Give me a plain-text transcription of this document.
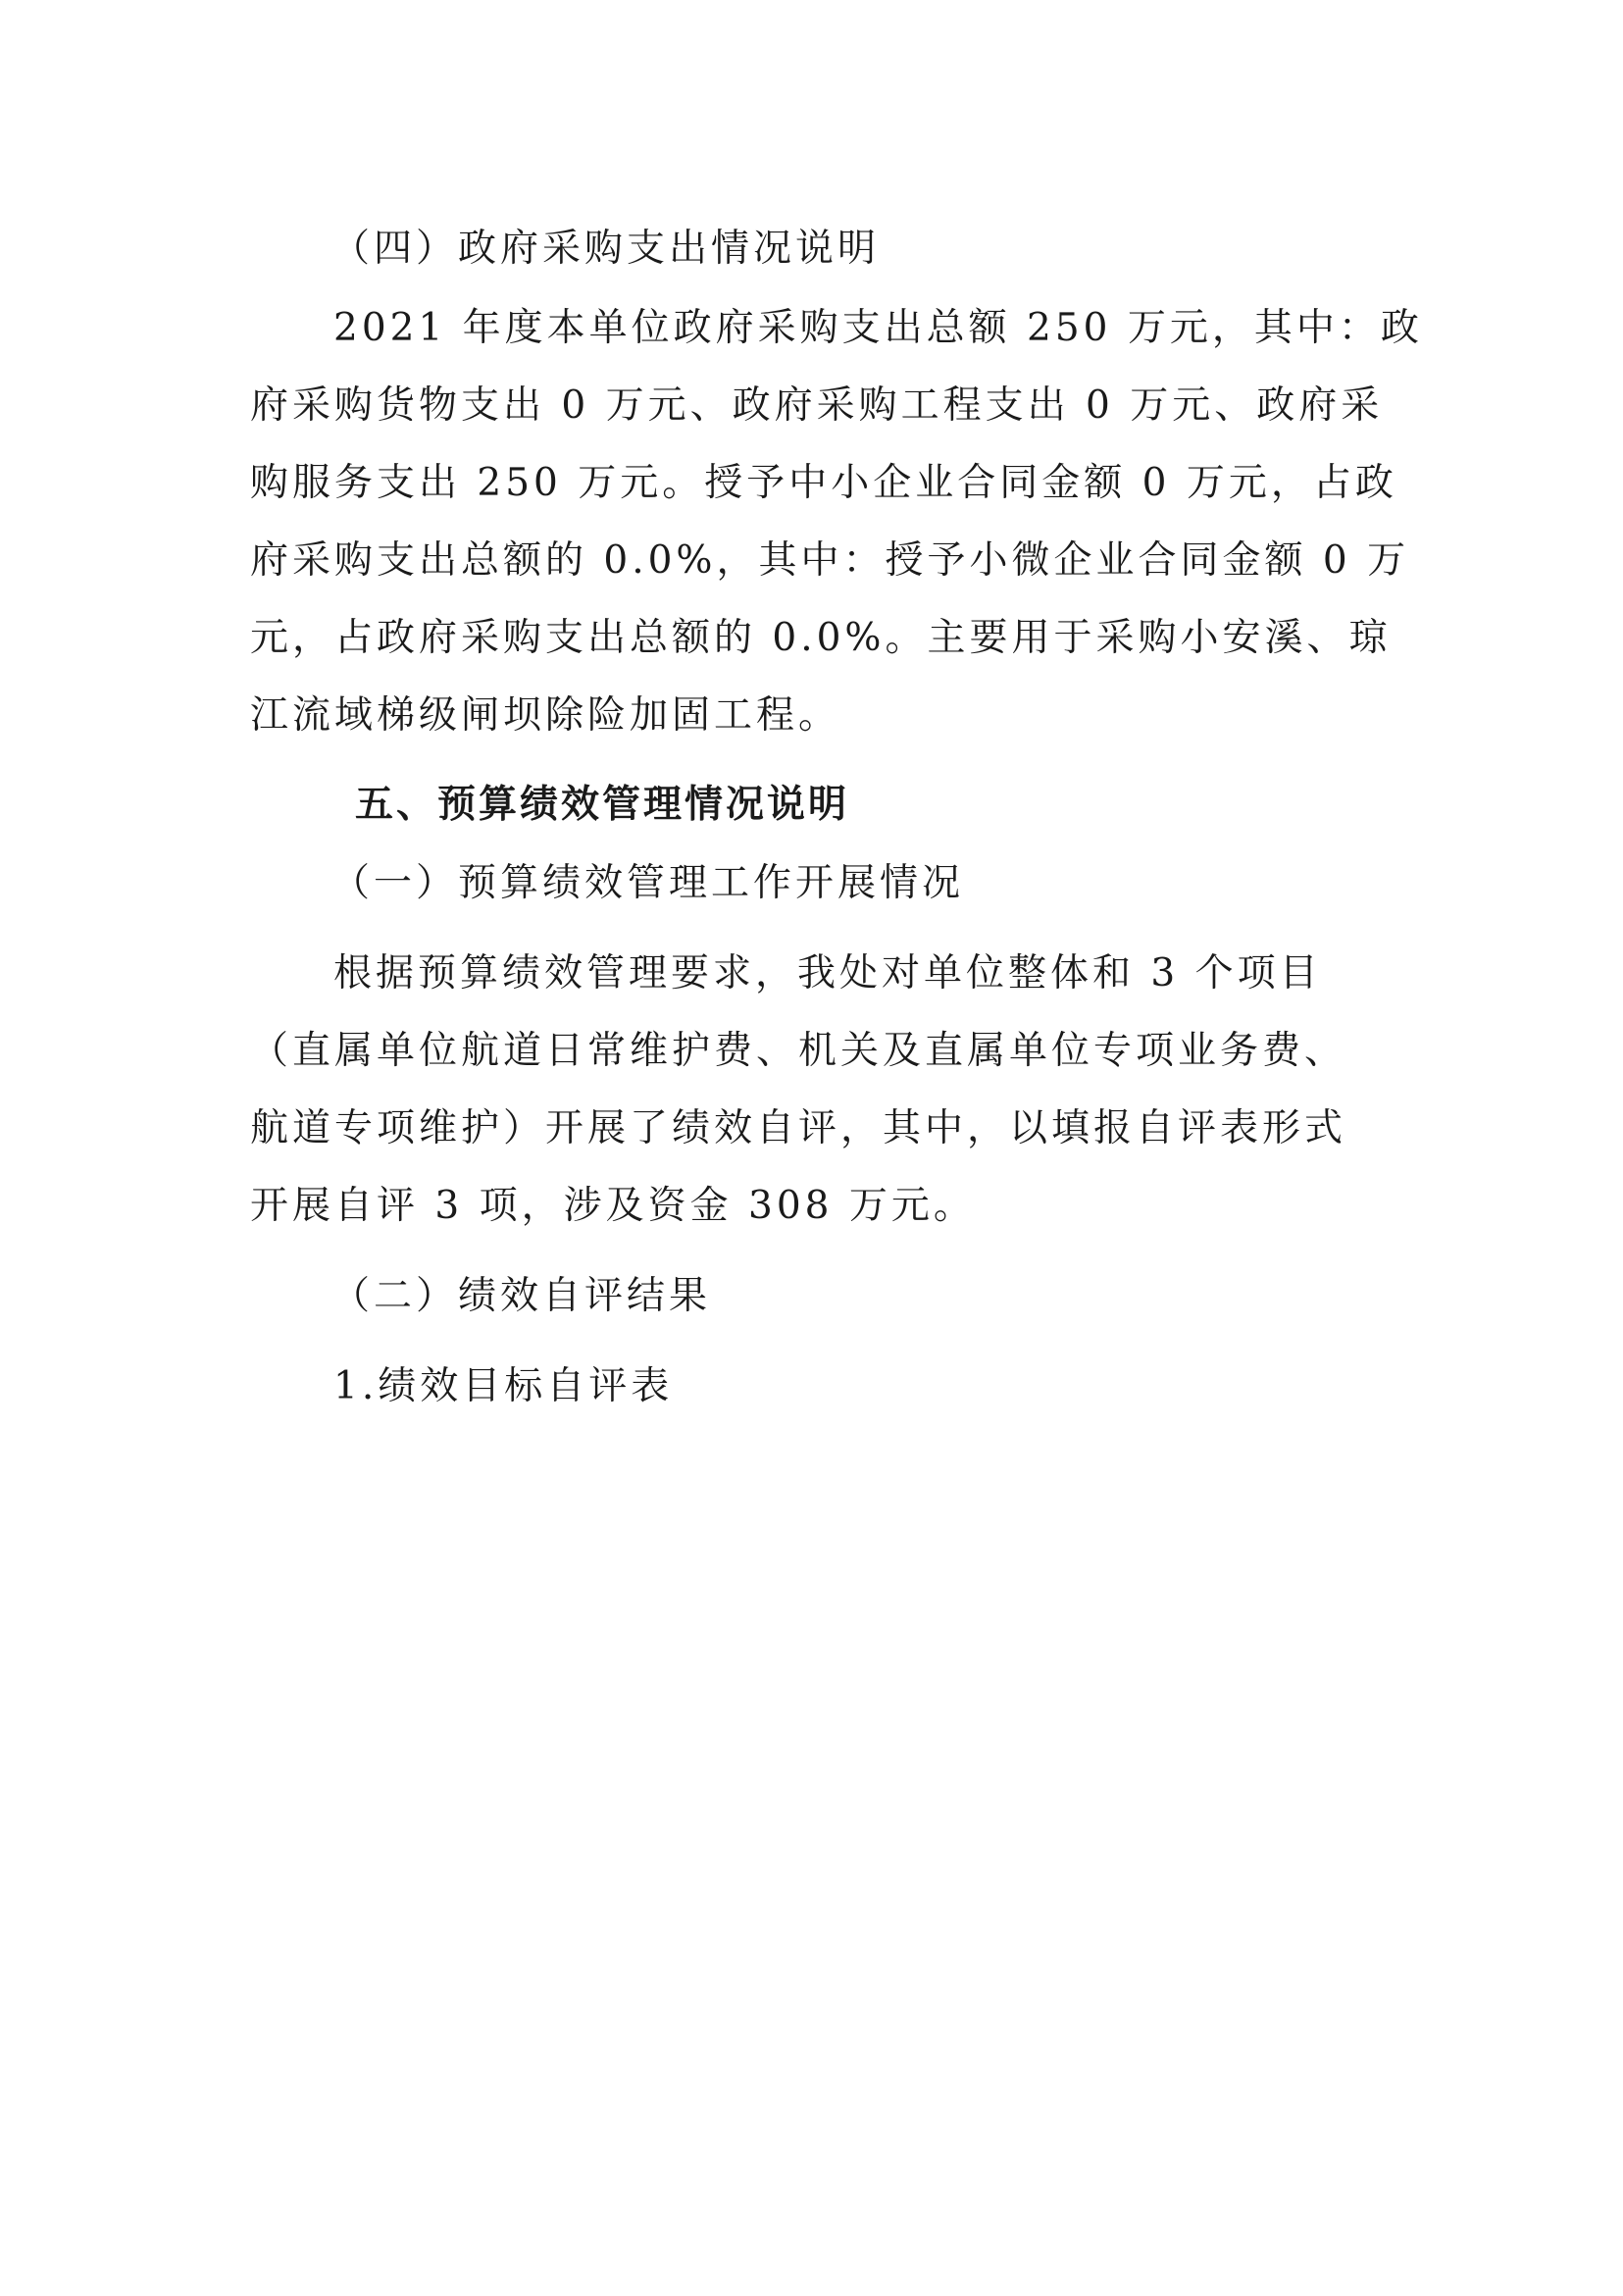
（四）政府采购支出情况说明
2021 年度本单位政府采购支出总额 250 万元，其中：政
府采购货物支出 0 万元、政府采购工程支出 0 万元、政府采
购服务支出 250 万元。授予中小企业合同金额 0 万元，占政
府采购支出总额的 0.0%，其中：授予小微企业合同金额 0 万
元，占政府采购支出总额的 0.0%。主要用于采购小安溪、琼
江流域梯级闸坝除险加固工程。
五、预算绩效管理情况说明
（一）预算绩效管理工作开展情况
根据预算绩效管理要求，我处对单位整体和 3 个项目
（直属单位航道日常维护费、机关及直属单位专项业务费、
航道专项维护）开展了绩效自评，其中，以填报自评表形式
开展自评 3 项，涉及资金 308 万元。
（二）绩效自评结果
1.绩效目标自评表
